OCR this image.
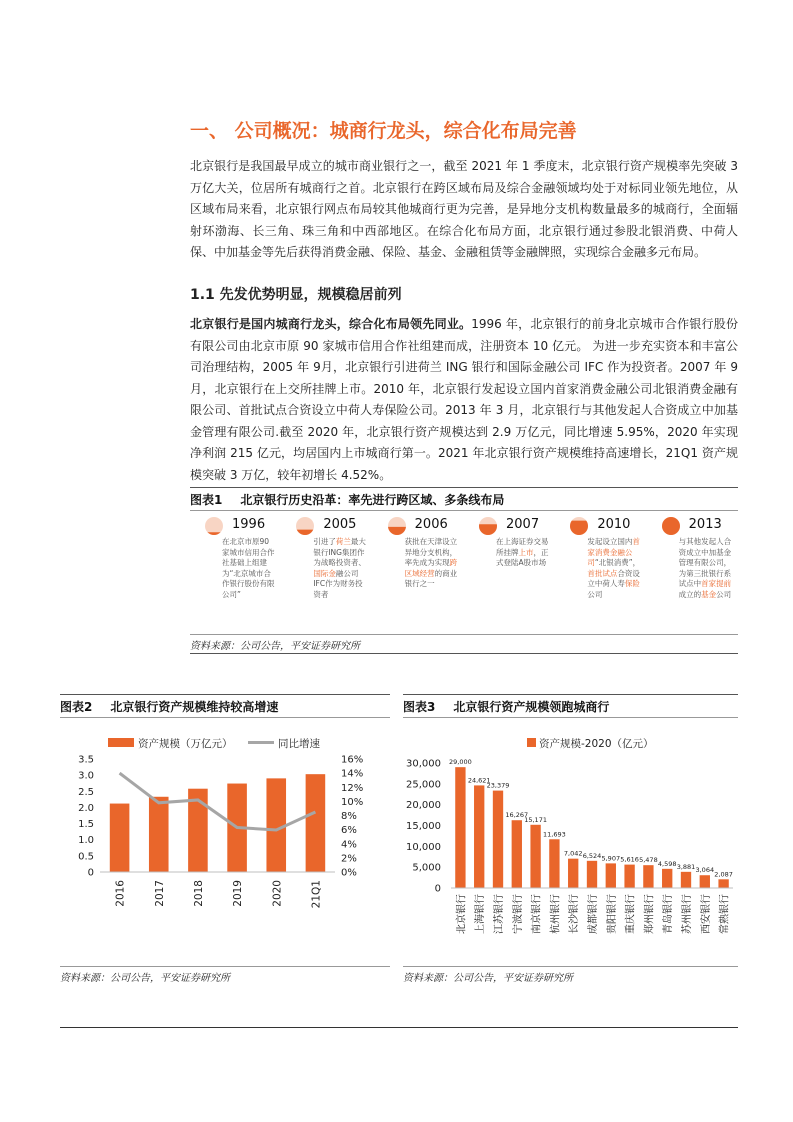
一、 公司概况：城商行龙头，综合化布局完善
北京银行是我国最早成立的城市商业银行之一，截至 2021 年 1 季度末，北京银行资产规模率先突破 3 万亿大关，位居所有城商行之首。北京银行在跨区域布局及综合金融领域均处于对标同业领先地位，从区域布局来看，北京银行网点布局较其他城商行更为完善，是异地分支机构数量最多的城商行，全面辐射环渤海、长三角、珠三角和中西部地区。在综合化布局方面，北京银行通过参股北银消费、中荷人保、中加基金等先后获得消费金融、保险、基金、金融租赁等金融牌照，实现综合金融多元布局。
1.1 先发优势明显，规模稳居前列
北京银行是国内城商行龙头，综合化布局领先同业。1996 年，北京银行的前身北京城市合作银行股份有限公司由北京市原 90 家城市信用合作社组建而成，注册资本 10 亿元。 为进一步充实资本和丰富公司治理结构，2005 年 9月，北京银行引进荷兰 ING 银行和国际金融公司 IFC 作为投资者。2007 年 9月，北京银行在上交所挂牌上市。2010 年，北京银行发起设立国内首家消费金融公司北银消费金融有限公司、首批试点合资设立中荷人寿保险公司。2013 年 3 月，北京银行与其他发起人合资成立中加基金管理有限公司.截至 2020 年，北京银行资产规模达到 2.9 万亿元，同比增速 5.95%，2020 年实现净利润 215 亿元，均居国内上市城商行第一。2021 年北京银行资产规模维持高速增长，21Q1 资产规模突破 3 万亿，较年初增长 4.52%。
图表1 北京银行历史沿革：率先进行跨区域、多条线布局
1996
在北京市原90家城市信用合作社基础上组建为“北京城市合作银行股份有限公司”
2005
引进了荷兰最大银行ING集团作为战略投资者、国际金融公司IFC作为财务投资者
2006
获批在天津设立异地分支机构，率先成为实现跨区域经营的商业银行之一
2007
在上海证券交易所挂牌上市，正式登陆A股市场
2010
发起设立国内首家消费金融公司“北银消费”，首批试点合资设立中荷人寿保险公司
2013
与其他发起人合资成立中加基金管理有限公司，为第三批银行系试点中首家提前成立的基金公司
资料来源：公司公告，平安证券研究所
图表2 北京银行资产规模维持较高增速
资产规模（万亿元）	同比增速
0
0.5
1.0
1.5
2.0
2.5
3.0
3.5
0%
2%
4%
6%
8%
10%
12%
14%
16%
2016	2017	2018	2019	2020	21Q1
资料来源：公司公告，平安证券研究所
图表3 北京银行资产规模领跑城商行
资产规模-2020（亿元）
0
5,000
10,000
15,000
20,000
25,000
30,000 29,000
24,621
23,379
16,267
15,171
11,693
7,042 6,524 5,907 5,616 5,478 4,598 3,881 3,064
2,087
北京银行 上海银行 江苏银行 宁波银行 南京银行 杭州银行 长沙银行 成都银行 贵阳银行 重庆银行 郑州银行 青岛银行 苏州银行 西安银行 常熟银行
资料来源：公司公告，平安证券研究所
